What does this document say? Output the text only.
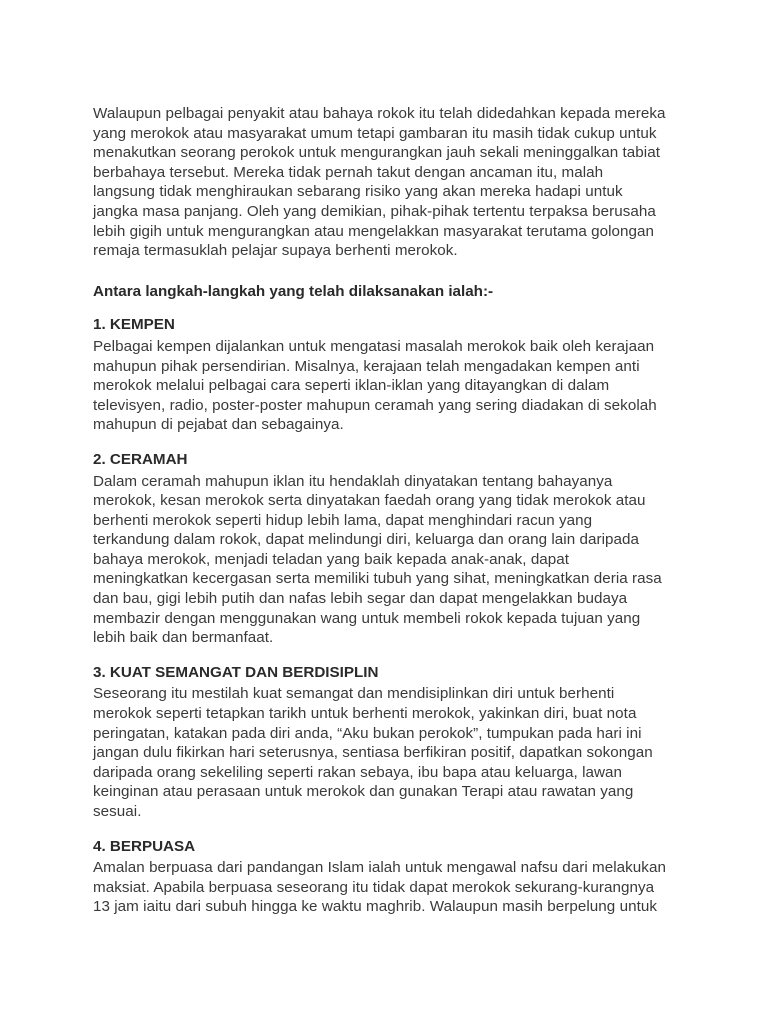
Walaupun pelbagai penyakit atau bahaya rokok itu telah didedahkan kepada mereka
yang merokok atau masyarakat umum tetapi gambaran itu masih tidak cukup untuk
menakutkan seorang perokok untuk mengurangkan jauh sekali meninggalkan tabiat
berbahaya tersebut. Mereka tidak pernah takut dengan ancaman itu, malah
langsung tidak menghiraukan sebarang risiko yang akan mereka hadapi untuk
jangka masa panjang. Oleh yang demikian, pihak-pihak tertentu terpaksa berusaha
lebih gigih untuk mengurangkan atau mengelakkan masyarakat terutama golongan
remaja termasuklah pelajar supaya berhenti merokok.
Antara langkah-langkah yang telah dilaksanakan ialah:-
1. KEMPEN
Pelbagai kempen dijalankan untuk mengatasi masalah merokok baik oleh kerajaan
mahupun pihak persendirian. Misalnya, kerajaan telah mengadakan kempen anti
merokok melalui pelbagai cara seperti iklan-iklan yang ditayangkan di dalam
televisyen, radio, poster-poster mahupun ceramah yang sering diadakan di sekolah
mahupun di pejabat dan sebagainya.
2. CERAMAH
Dalam ceramah mahupun iklan itu hendaklah dinyatakan tentang bahayanya
merokok, kesan merokok serta dinyatakan faedah orang yang tidak merokok atau
berhenti merokok seperti hidup lebih lama, dapat menghindari racun yang
terkandung dalam rokok, dapat melindungi diri, keluarga dan orang lain daripada
bahaya merokok, menjadi teladan yang baik kepada anak-anak, dapat
meningkatkan kecergasan serta memiliki tubuh yang sihat, meningkatkan deria rasa
dan bau, gigi lebih putih dan nafas lebih segar dan dapat mengelakkan budaya
membazir dengan menggunakan wang untuk membeli rokok kepada tujuan yang
lebih baik dan bermanfaat.
3. KUAT SEMANGAT DAN BERDISIPLIN
Seseorang itu mestilah kuat semangat dan mendisiplinkan diri untuk berhenti
merokok seperti tetapkan tarikh untuk berhenti merokok, yakinkan diri, buat nota
peringatan, katakan pada diri anda, “Aku bukan perokok”, tumpukan pada hari ini
jangan dulu fikirkan hari seterusnya, sentiasa berfikiran positif, dapatkan sokongan
daripada orang sekeliling seperti rakan sebaya, ibu bapa atau keluarga, lawan
keinginan atau perasaan untuk merokok dan gunakan Terapi atau rawatan yang
sesuai.
4. BERPUASA
Amalan berpuasa dari pandangan Islam ialah untuk mengawal nafsu dari melakukan
maksiat. Apabila berpuasa seseorang itu tidak dapat merokok sekurang-kurangnya
13 jam iaitu dari subuh hingga ke waktu maghrib. Walaupun masih berpelung untuk
